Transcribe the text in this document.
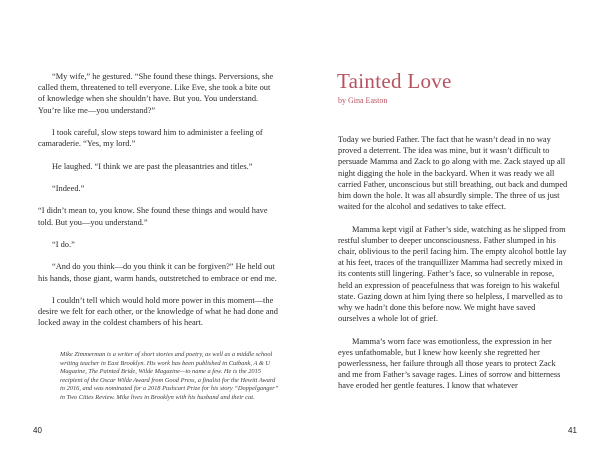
“My wife,” he gestured. “She found these things. Perversions, she called them, threatened to tell everyone. Like Eve, she took a bite out of knowledge when she shouldn’t have. But you. You understand. You’re like me—you understand?”

I took careful, slow steps toward him to administer a feeling of camaraderie. “Yes, my lord.”

He laughed. “I think we are past the pleasantries and titles.”

“Indeed.”

“I didn’t mean to, you know. She found these things and would have told. But you—you understand.”

“I do.”

“And do you think—do you think it can be forgiven?” He held out his hands, those giant, warm hands, outstretched to embrace or end me.

I couldn’t tell which would hold more power in this moment—the desire we felt for each other, or the knowledge of what he had done and locked away in the coldest chambers of his heart.

Mike Zimmerman is a writer of short stories and poetry, as well as a middle school writing teacher in East Brooklyn. His work has been published in Cutbank, A & U Magazine, The Painted Bride, Wilde Magazine—to name a few. He is the 2015 recipient of the Oscar Wilde Award from Good Press, a finalist for the Hewitt Award in 2016, and was nominated for a 2018 Pushcart Prize for his story “Doppelganger” in Two Cities Review. Mike lives in Brooklyn with his husband and their cat.

40
Tainted Love
by Gina Easton

Today we buried Father. The fact that he wasn’t dead in no way proved a deterrent. The idea was mine, but it wasn’t difficult to persuade Mamma and Zack to go along with me. Zack stayed up all night digging the hole in the backyard. When it was ready we all carried Father, unconscious but still breathing, out back and dumped him down the hole. It was all absurdly simple. The three of us just waited for the alcohol and sedatives to take effect.

Mamma kept vigil at Father’s side, watching as he slipped from restful slumber to deeper unconsciousness. Father slumped in his chair, oblivious to the peril facing him. The empty alcohol bottle lay at his feet, traces of the tranquillizer Mamma had secretly mixed in its contents still lingering. Father’s face, so vulnerable in repose, held an expression of peacefulness that was foreign to his wakeful state. Gazing down at him lying there so helpless, I marvelled as to why we hadn’t done this before now. We might have saved ourselves a whole lot of grief.

Mamma’s worn face was emotionless, the expression in her eyes unfathomable, but I knew how keenly she regretted her powerlessness, her failure through all those years to protect Zack and me from Father’s savage rages. Lines of sorrow and bitterness have eroded her gentle features. I know that whatever

41
